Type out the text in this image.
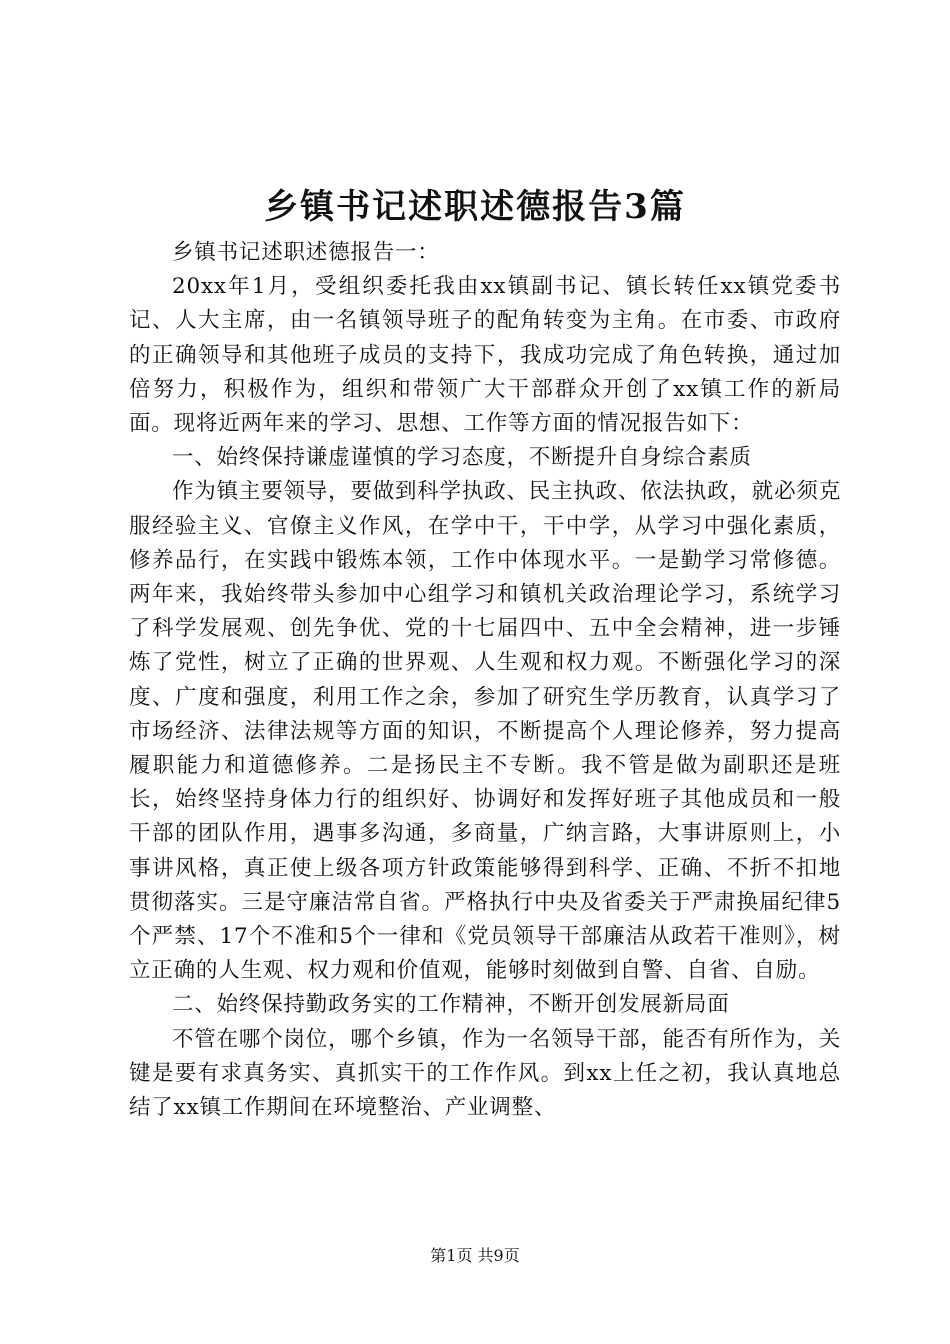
乡镇书记述职述德报告3篇

乡镇书记述职述德报告一：

20xx年1月，受组织委托我由xx镇副书记、镇长转任xx镇党委书记、人大主席，由一名镇领导班子的配角转变为主角。在市委、市政府的正确领导和其他班子成员的支持下，我成功完成了角色转换，通过加倍努力，积极作为，组织和带领广大干部群众开创了xx镇工作的新局面。现将近两年来的学习、思想、工作等方面的情况报告如下：

一、始终保持谦虚谨慎的学习态度，不断提升自身综合素质

作为镇主要领导，要做到科学执政、民主执政、依法执政，就必须克服经验主义、官僚主义作风，在学中干，干中学，从学习中强化素质，修养品行，在实践中锻炼本领，工作中体现水平。一是勤学习常修德。两年来，我始终带头参加中心组学习和镇机关政治理论学习，系统学习了科学发展观、创先争优、党的十七届四中、五中全会精神，进一步锤炼了党性，树立了正确的世界观、人生观和权力观。不断强化学习的深度、广度和强度，利用工作之余，参加了研究生学历教育，认真学习了市场经济、法律法规等方面的知识，不断提高个人理论修养，努力提高履职能力和道德修养。二是扬民主不专断。我不管是做为副职还是班长，始终坚持身体力行的组织好、协调好和发挥好班子其他成员和一般干部的团队作用，遇事多沟通，多商量，广纳言路，大事讲原则上，小事讲风格，真正使上级各项方针政策能够得到科学、正确、不折不扣地贯彻落实。三是守廉洁常自省。严格执行中央及省委关于严肃换届纪律5个严禁、17个不准和5个一律和《党员领导干部廉洁从政若干准则》，树立正确的人生观、权力观和价值观，能够时刻做到自警、自省、自励。

二、始终保持勤政务实的工作精神，不断开创发展新局面

不管在哪个岗位，哪个乡镇，作为一名领导干部，能否有所作为，关键是要有求真务实、真抓实干的工作作风。到xx上任之初，我认真地总结了xx镇工作期间在环境整治、产业调整、

第1页 共9页
